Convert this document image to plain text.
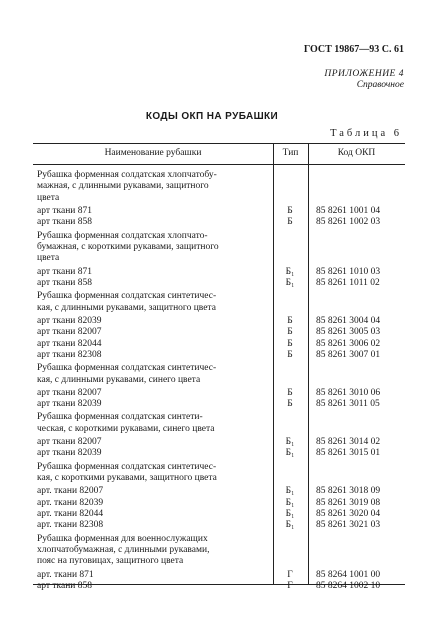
ГОСТ 19867—93 С. 61
ПРИЛОЖЕНИЕ 4
Справочное
КОДЫ ОКП НА РУБАШКИ
Таблица 6
Наименование рубашки	Тип	Код ОКП
Рубашка форменная солдатская хлопчатобу-
мажная, с длинными рукавами, защитного
цвета
арт ткани 871	Б	85 8261 1001 04
арт ткани 858	Б	85 8261 1002 03
Рубашка форменная солдатская хлопчато-
бумажная, с короткими рукавами, защитного
цвета
арт ткани 871	Б₁	85 8261 1010 03
арт ткани 858	Б₁	85 8261 1011 02
Рубашка форменная солдатская синтетичес-
кая, с длинными рукавами, защитного цвета
арт ткани 82039	Б	85 8261 3004 04
арт ткани 82007	Б	85 8261 3005 03
арт ткани 82044	Б	85 8261 3006 02
арт ткани 82308	Б	85 8261 3007 01
Рубашка форменная солдатская синтетичес-
кая, с длинными рукавами, синего цвета
арт ткани 82007	Б	85 8261 3010 06
арт ткани 82039	Б	85 8261 3011 05
Рубашка форменная солдатская синтети-
ческая, с короткими рукавами, синего цвета
арт ткани 82007	Б₁	85 8261 3014 02
арт ткани 82039	Б₁	85 8261 3015 01
Рубашка форменная солдатская синтетичес-
кая, с короткими рукавами, защитного цвета
арт. ткани 82007	Б₁	85 8261 3018 09
арт. ткани 82039	Б₁	85 8261 3019 08
арт. ткани 82044	Б₁	85 8261 3020 04
арт. ткани 82308	Б₁	85 8261 3021 03
Рубашка форменная для военнослужащих
хлопчатобумажная, с длинными рукавами,
пояс на пуговицах, защитного цвета
арт. ткани 871	Г	85 8264 1001 00
арт ткани 858	Г	85 8264 1002 10
